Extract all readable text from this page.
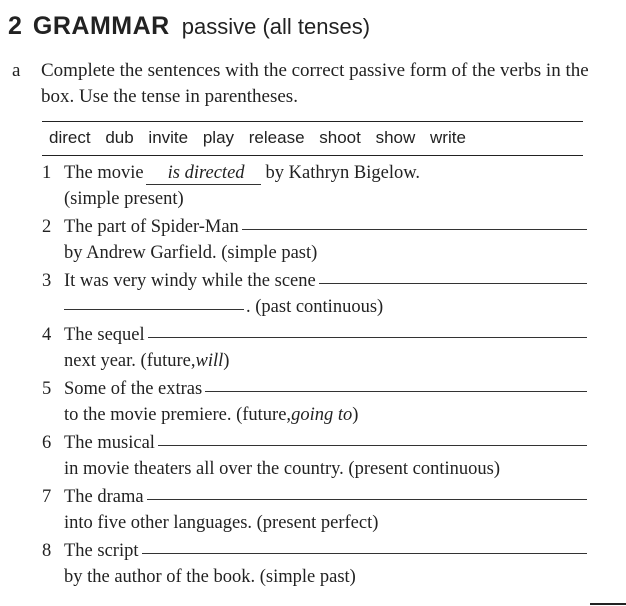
2 GRAMMAR passive (all tenses)
a Complete the sentences with the correct passive form of the verbs in the box. Use the tense in parentheses.
direct dub invite play release shoot show write
1 The movie	is directed	by Kathryn Bigelow.
(simple present)
2 The part of Spider-Man
by Andrew Garfield. (simple past)
3 It was very windy while the scene
. (past continuous)
4 The sequel
next year. (future, will )
5 Some of the extras
to the movie premiere. (future, going to )
6 The musical
in movie theaters all over the country. (present continuous)
7 The drama
into five other languages. (present perfect)
8 The script
by the author of the book. (simple past)
